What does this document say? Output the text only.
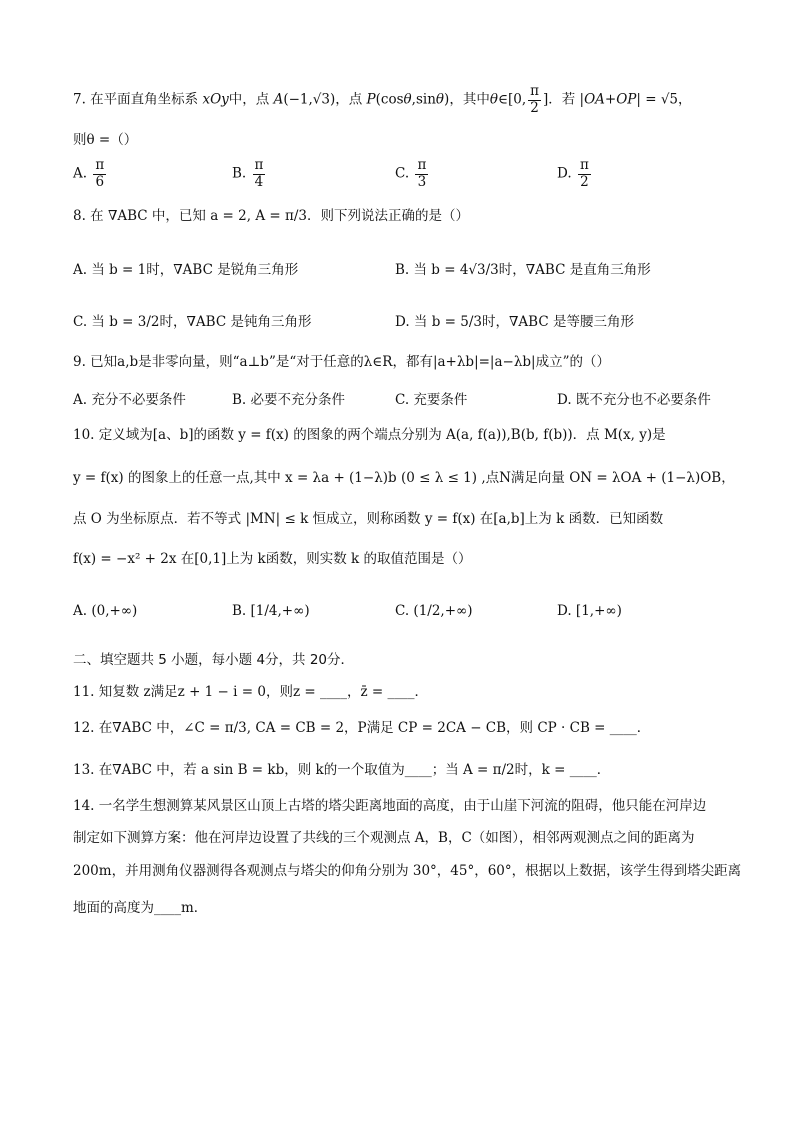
7. 在平面直角坐标系 xOy中，点 A(−1,√3)，点 P(cosθ,sinθ)，其中θ∈[0, $\frac{\pi}{2}$ ]．若 |OA+OP| = √5，
则θ =（）
A. $\frac{\pi}{6}$	B. $\frac{\pi}{4}$	C. $\frac{\pi}{3}$	D. $\frac{\pi}{2}$
8. 在 ∇ABC 中，已知 a = 2, A = π/3．则下列说法正确的是（）
A. 当 b = 1时，∇ABC 是锐角三角形	B. 当 b = 4√3/3时，∇ABC 是直角三角形
C. 当 b = 3/2时，∇ABC 是钝角三角形	D. 当 b = 5/3时，∇ABC 是等腰三角形
9. 已知a,b是非零向量，则“a⊥b”是“对于任意的λ∈R，都有|a+λb|=|a−λb|成立”的（）
A. 充分不必要条件	B. 必要不充分条件	C. 充要条件	D. 既不充分也不必要条件
10. 定义域为[a、b]的函数 y = f(x) 的图象的两个端点分别为 A(a, f(a)),B(b, f(b))．点 M(x, y)是
y = f(x) 的图象上的任意一点,其中 x = λa + (1−λ)b (0 ≤ λ ≤ 1) ,点N满足向量 ON = λOA + (1−λ)OB，
点 O 为坐标原点．若不等式 |MN| ≤ k 恒成立，则称函数 y = f(x) 在[a,b]上为 k 函数．已知函数
f(x) = −x² + 2x 在[0,1]上为 k函数，则实数 k 的取值范围是（）
A. (0,+∞)	B. [1/4,+∞)	C. (1/2,+∞)	D. [1,+∞)
二、填空题共 5 小题，每小题 4分，共 20分．
11. 知复数 z满足z + 1 − i = 0，则z = ____，z̄ = ____．
12. 在∇ABC 中，∠C = π/3, CA = CB = 2，P满足 CP = 2CA − CB，则 CP · CB = ____．
13. 在∇ABC 中，若 a sin B = kb，则 k的一个取值为____；当 A = π/2时，k = ____．
14. 一名学生想测算某风景区山顶上古塔的塔尖距离地面的高度，由于山崖下河流的阻碍，他只能在河岸边
制定如下测算方案：他在河岸边设置了共线的三个观测点 A，B，C（如图），相邻两观测点之间的距离为
200m，并用测角仪器测得各观测点与塔尖的仰角分别为 30°，45°，60°，根据以上数据，该学生得到塔尖距离
地面的高度为____m．
